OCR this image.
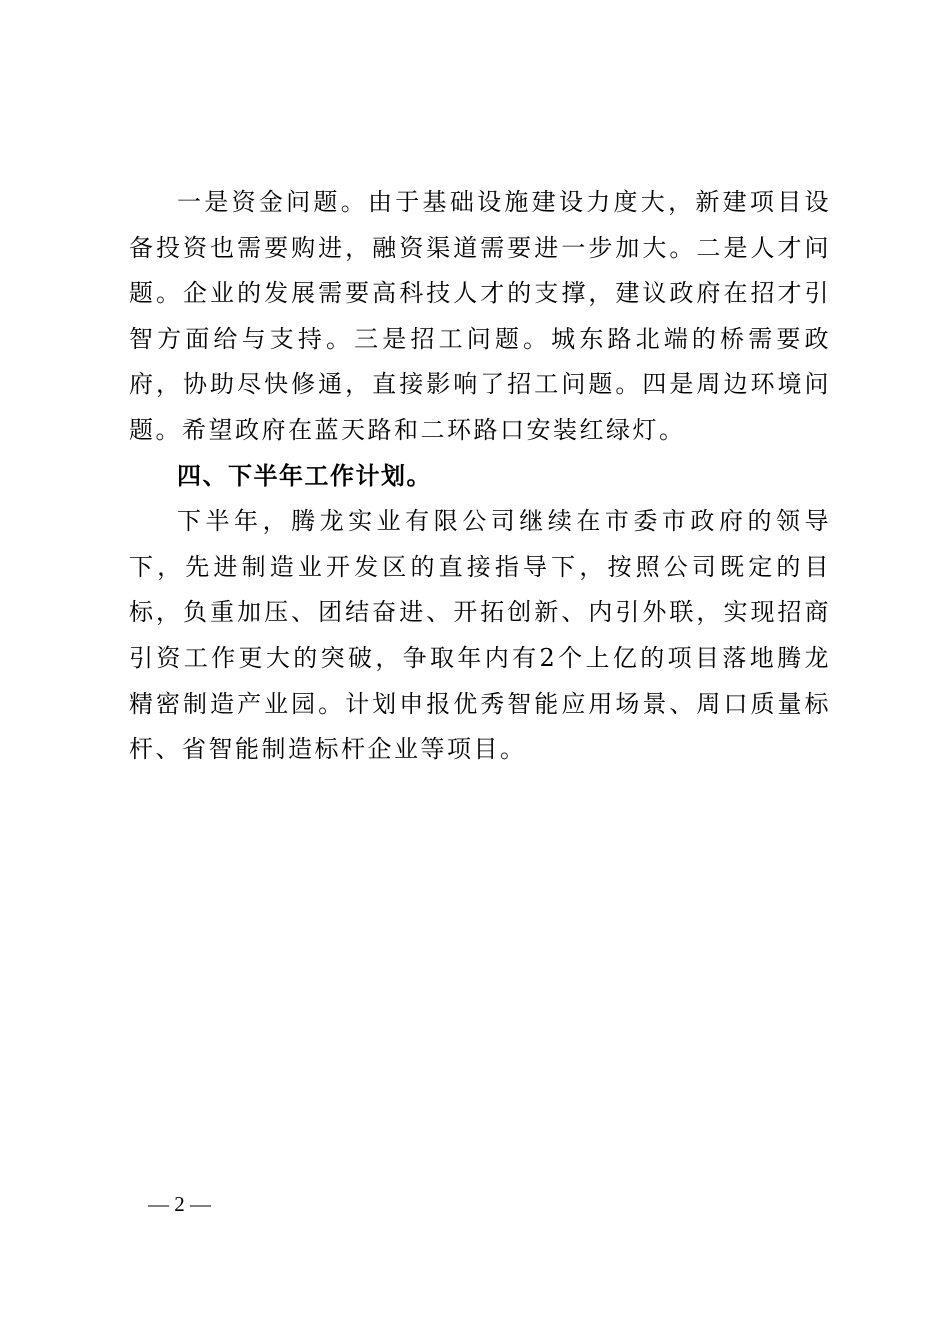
一是资金问题。由于基础设施建设力度大，新建项目设备投资也需要购进，融资渠道需要进一步加大。二是人才问题。企业的发展需要高科技人才的支撑，建议政府在招才引智方面给与支持。三是招工问题。城东路北端的桥需要政府，协助尽快修通，直接影响了招工问题。四是周边环境问题。希望政府在蓝天路和二环路口安装红绿灯。

四、下半年工作计划。

下半年，腾龙实业有限公司继续在市委市政府的领导下，先进制造业开发区的直接指导下，按照公司既定的目标，负重加压、团结奋进、开拓创新、内引外联，实现招商引资工作更大的突破，争取年内有2个上亿的项目落地腾龙精密制造产业园。计划申报优秀智能应用场景、周口质量标杆、省智能制造标杆企业等项目。

— 2 —
